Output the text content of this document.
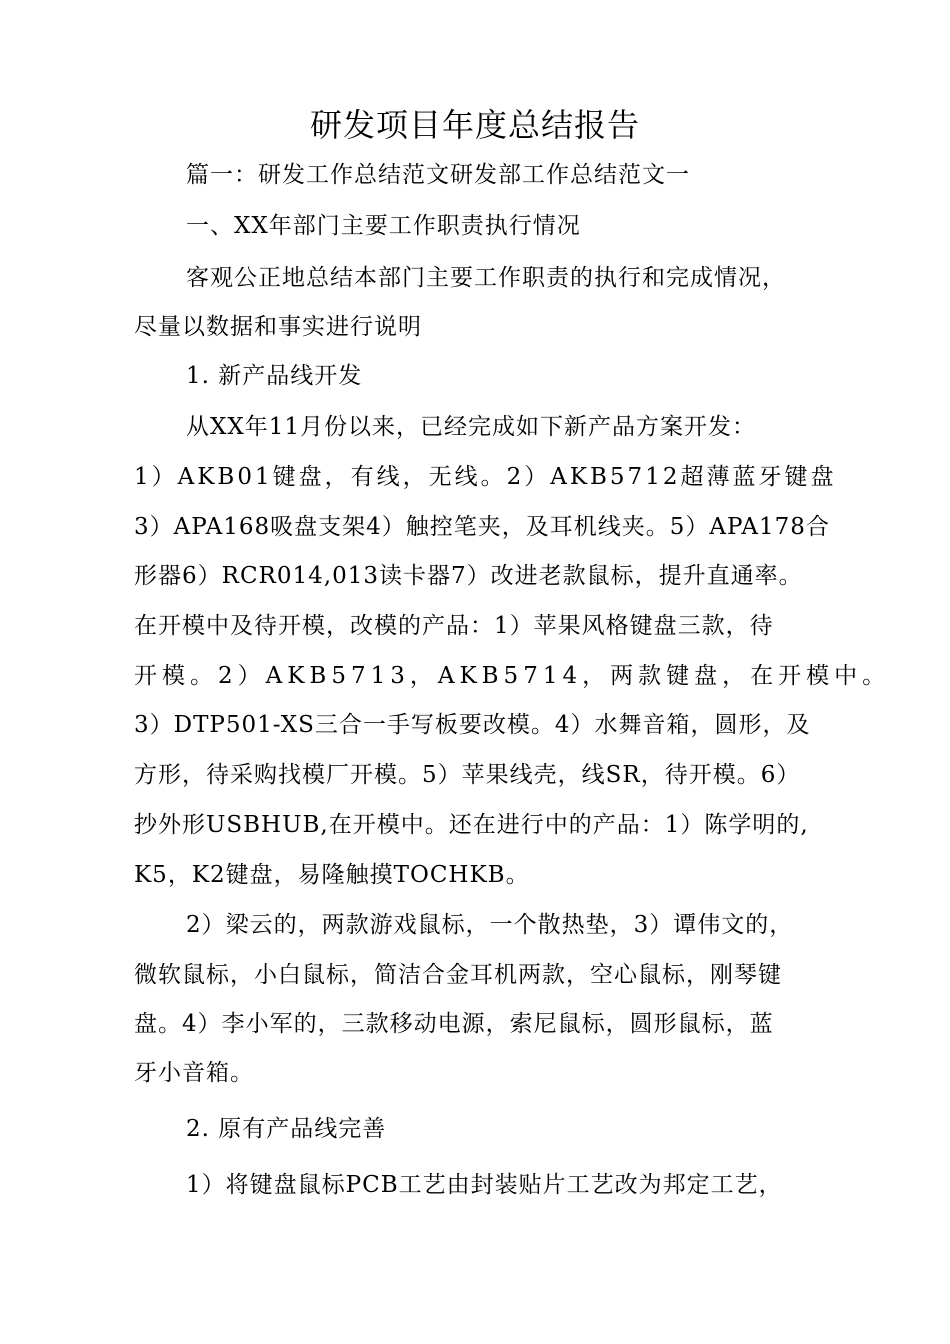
研发项目年度总结报告
篇一：研发工作总结范文研发部工作总结范文一
一、XX年部门主要工作职责执行情况
客观公正地总结本部门主要工作职责的执行和完成情况，
尽量以数据和事实进行说明
1. 新产品线开发
从XX年11月份以来，已经完成如下新产品方案开发：
1）AKB01键盘，有线，无线。2）AKB5712超薄蓝牙键盘
3）APA168吸盘支架4）触控笔夹，及耳机线夹。5）APA178合
形器6）RCR014,013读卡器7）改进老款鼠标，提升直通率。
在开模中及待开模，改模的产品：1）苹果风格键盘三款，待
开模。2）AKB5713，AKB5714，两款键盘，在开模中。
3）DTP501-XS三合一手写板要改模。4）水舞音箱，圆形，及
方形，待采购找模厂开模。5）苹果线壳，线SR，待开模。6）
抄外形USBHUB,在开模中。还在进行中的产品：1）陈学明的,
K5，K2键盘，易隆触摸TOCHKB。
2）梁云的，两款游戏鼠标，一个散热垫，3）谭伟文的，
微软鼠标，小白鼠标，简洁合金耳机两款，空心鼠标，刚琴键
盘。4）李小军的，三款移动电源，索尼鼠标，圆形鼠标，蓝
牙小音箱。
2. 原有产品线完善
1）将键盘鼠标PCB工艺由封装贴片工艺改为邦定工艺，
